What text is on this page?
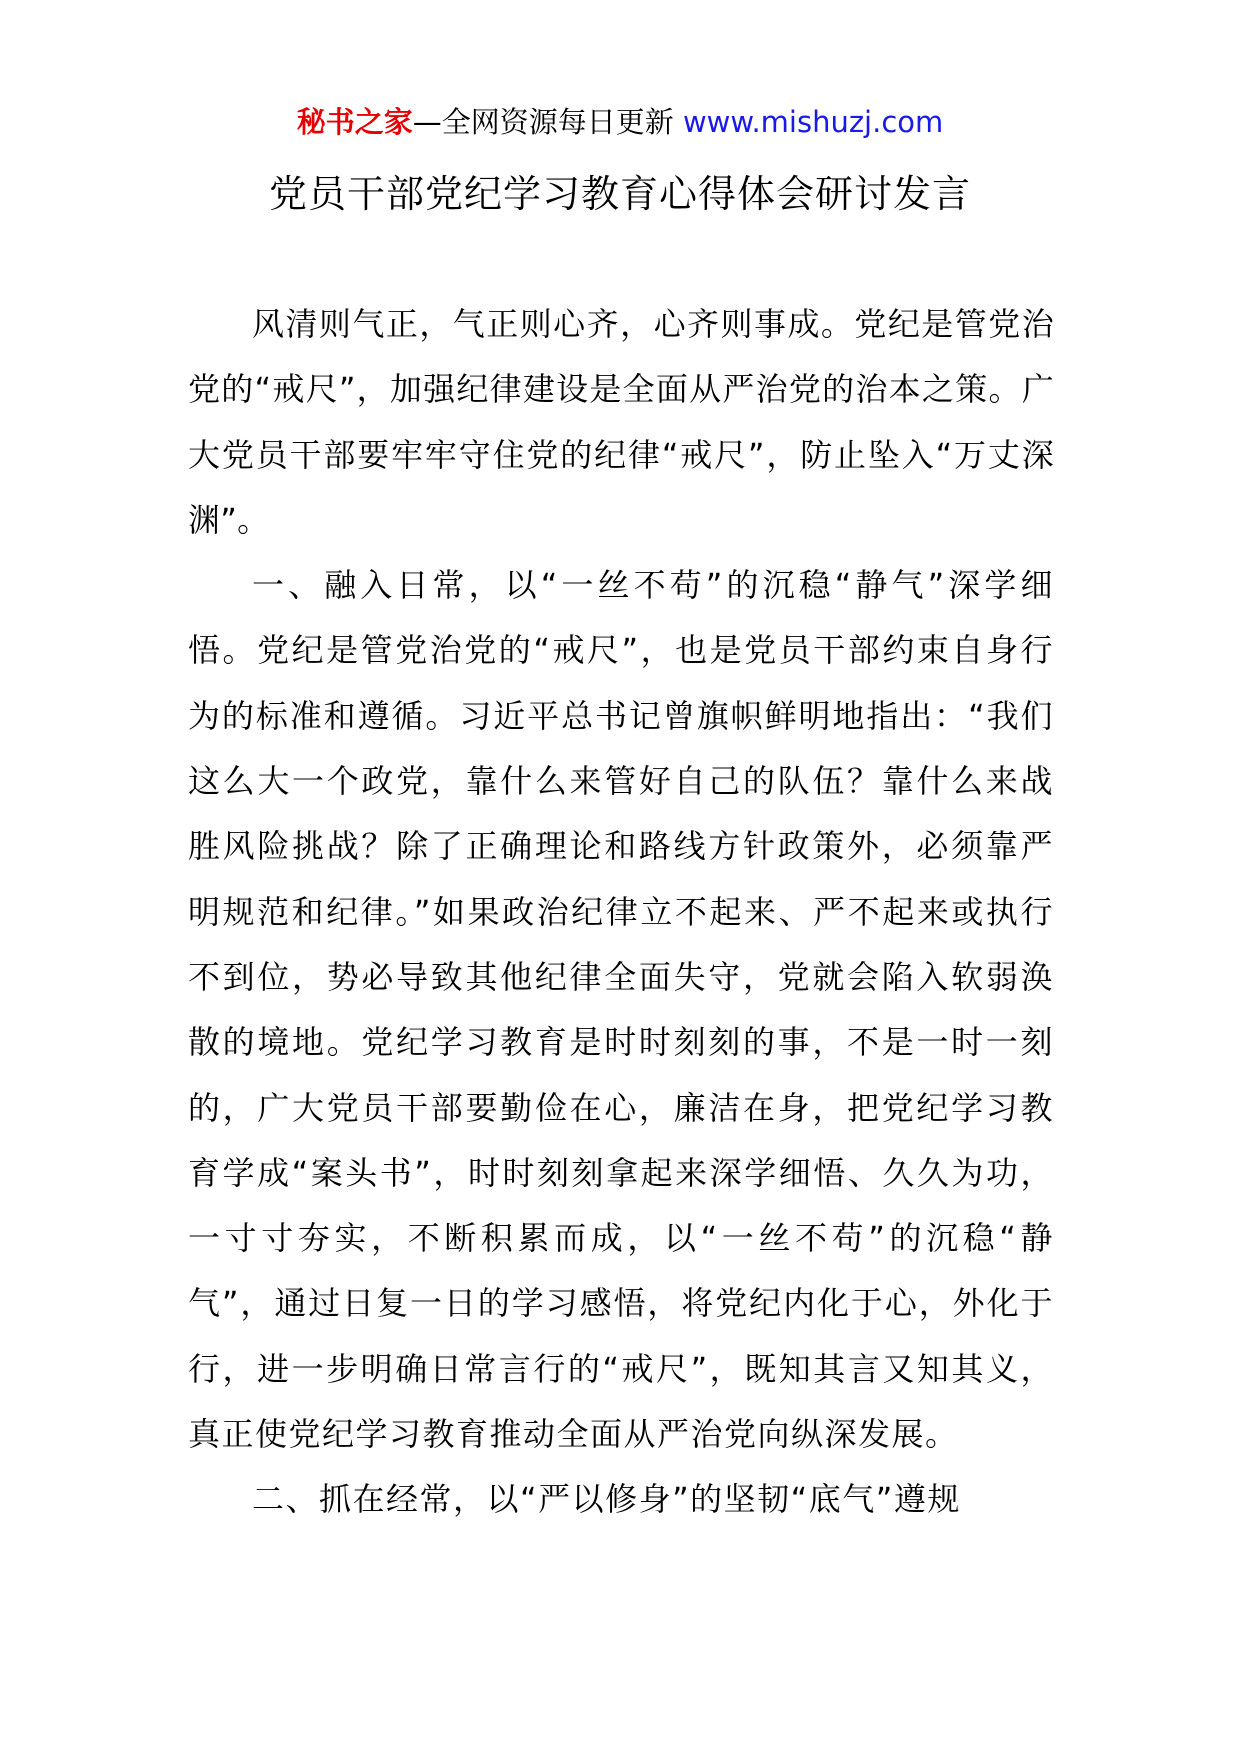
秘书之家—全网资源每日更新 www.mishuzj.com
党员干部党纪学习教育心得体会研讨发言

风清则气正，气正则心齐，心齐则事成。党纪是管党治党的“戒尺”，加强纪律建设是全面从严治党的治本之策。广大党员干部要牢牢守住党的纪律“戒尺”，防止坠入“万丈深渊”。

一、融入日常，以“一丝不苟”的沉稳“静气”深学细悟。党纪是管党治党的“戒尺”，也是党员干部约束自身行为的标准和遵循。习近平总书记曾旗帜鲜明地指出：“我们这么大一个政党，靠什么来管好自己的队伍？靠什么来战胜风险挑战？除了正确理论和路线方针政策外，必须靠严明规范和纪律。”如果政治纪律立不起来、严不起来或执行不到位，势必导致其他纪律全面失守，党就会陷入软弱涣散的境地。党纪学习教育是时时刻刻的事，不是一时一刻的，广大党员干部要勤俭在心，廉洁在身，把党纪学习教育学成“案头书”，时时刻刻拿起来深学细悟、久久为功，一寸寸夯实，不断积累而成，以“一丝不苟”的沉稳“静气”，通过日复一日的学习感悟，将党纪内化于心，外化于行，进一步明确日常言行的“戒尺”，既知其言又知其义，真正使党纪学习教育推动全面从严治党向纵深发展。

二、抓在经常，以“严以修身”的坚韧“底气”遵规
